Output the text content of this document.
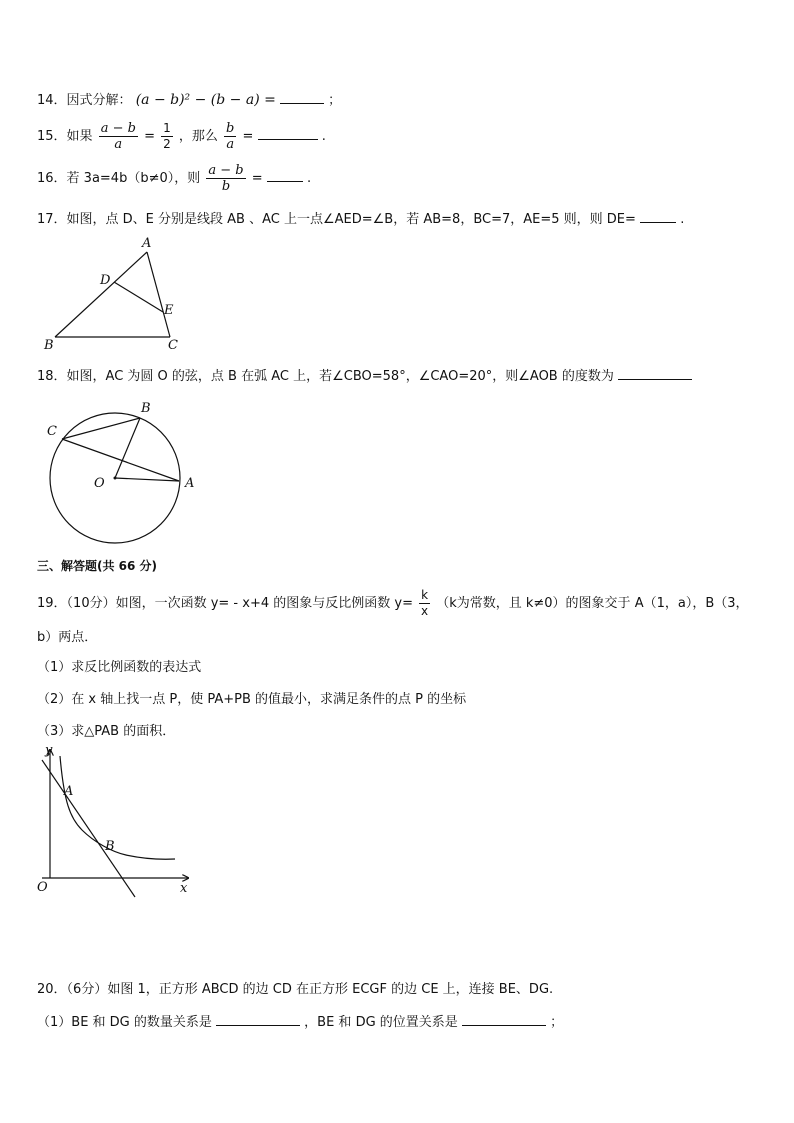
14．因式分解： (a − b)² − (b − a) =	；
15．如果 $\frac{a - b}{a} = \frac{1}{2}$ ，那么 $\frac{b}{a}$ =	.
16．若 3a=4b（b≠0），则 $\frac{a - b}{b}$ =	.
17．如图，点 D、E 分别是线段 AB 、AC 上一点∠AED=∠B，若 AB=8，BC=7，AE=5 则，则 DE=	.
A
D
E
B	C
18．如图，AC 为圆 O 的弦，点 B 在弧 AC 上，若∠CBO=58°，∠CAO=20°，则∠AOB 的度数为
B
C
O	A
三、解答题(共 66 分)
19．（10分）如图，一次函数 y= - x+4 的图象与反比例函数 $y= \frac{k}{x} (k$为常数，且 k≠0）的图象交于 A（1，a），B（3，
b）两点．
（1）求反比例函数的表达式
（2）在 x 轴上找一点 P，使 PA+PB 的值最小，求满足条件的点 P 的坐标
（3）求△PAB 的面积．
y
x
O
A
B
20．（6分）如图 1，正方形 ABCD 的边 CD 在正方形 ECGF 的边 CE 上，连接 BE、DG.
（1）BE 和 DG 的数量关系是	，BE 和 DG 的位置关系是	；
